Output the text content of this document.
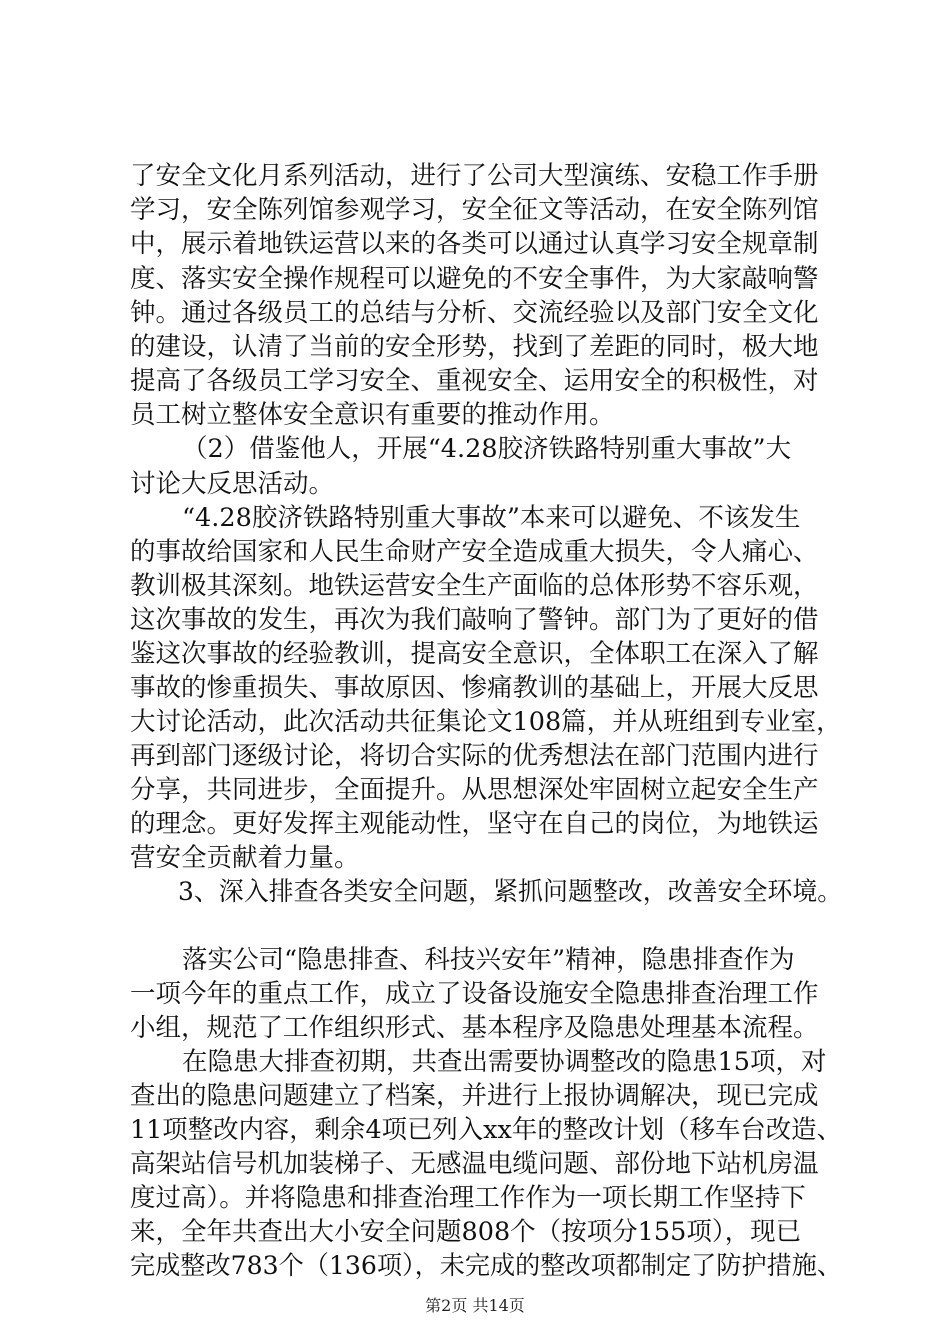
了安全文化月系列活动，进行了公司大型演练、安稳工作手册
学习，安全陈列馆参观学习，安全征文等活动，在安全陈列馆
中，展示着地铁运营以来的各类可以通过认真学习安全规章制
度、落实安全操作规程可以避免的不安全事件，为大家敲响警
钟。通过各级员工的总结与分析、交流经验以及部门安全文化
的建设，认清了当前的安全形势，找到了差距的同时，极大地
提高了各级员工学习安全、重视安全、运用安全的积极性，对
员工树立整体安全意识有重要的推动作用。
（2）借鉴他人，开展“4.28胶济铁路特别重大事故”大
讨论大反思活动。
“4.28胶济铁路特别重大事故”本来可以避免、不该发生
的事故给国家和人民生命财产安全造成重大损失，令人痛心、
教训极其深刻。地铁运营安全生产面临的总体形势不容乐观，
这次事故的发生，再次为我们敲响了警钟。部门为了更好的借
鉴这次事故的经验教训，提高安全意识，全体职工在深入了解
事故的惨重损失、事故原因、惨痛教训的基础上，开展大反思
大讨论活动，此次活动共征集论文108篇，并从班组到专业室，
再到部门逐级讨论，将切合实际的优秀想法在部门范围内进行
分享，共同进步，全面提升。从思想深处牢固树立起安全生产
的理念。更好发挥主观能动性，坚守在自己的岗位，为地铁运
营安全贡献着力量。
3、深入排查各类安全问题，紧抓问题整改，改善安全环境。
落实公司“隐患排查、科技兴安年”精神，隐患排查作为
一项今年的重点工作，成立了设备设施安全隐患排查治理工作
小组，规范了工作组织形式、基本程序及隐患处理基本流程。
在隐患大排查初期，共查出需要协调整改的隐患15项，对
查出的隐患问题建立了档案，并进行上报协调解决，现已完成
11项整改内容，剩余4项已列入xx年的整改计划（移车台改造、
高架站信号机加装梯子、无感温电缆问题、部份地下站机房温
度过高）。并将隐患和排查治理工作作为一项长期工作坚持下
来，全年共查出大小安全问题808个（按项分155项），现已
完成整改783个（136项），未完成的整改项都制定了防护措施、
第2页 共14页
